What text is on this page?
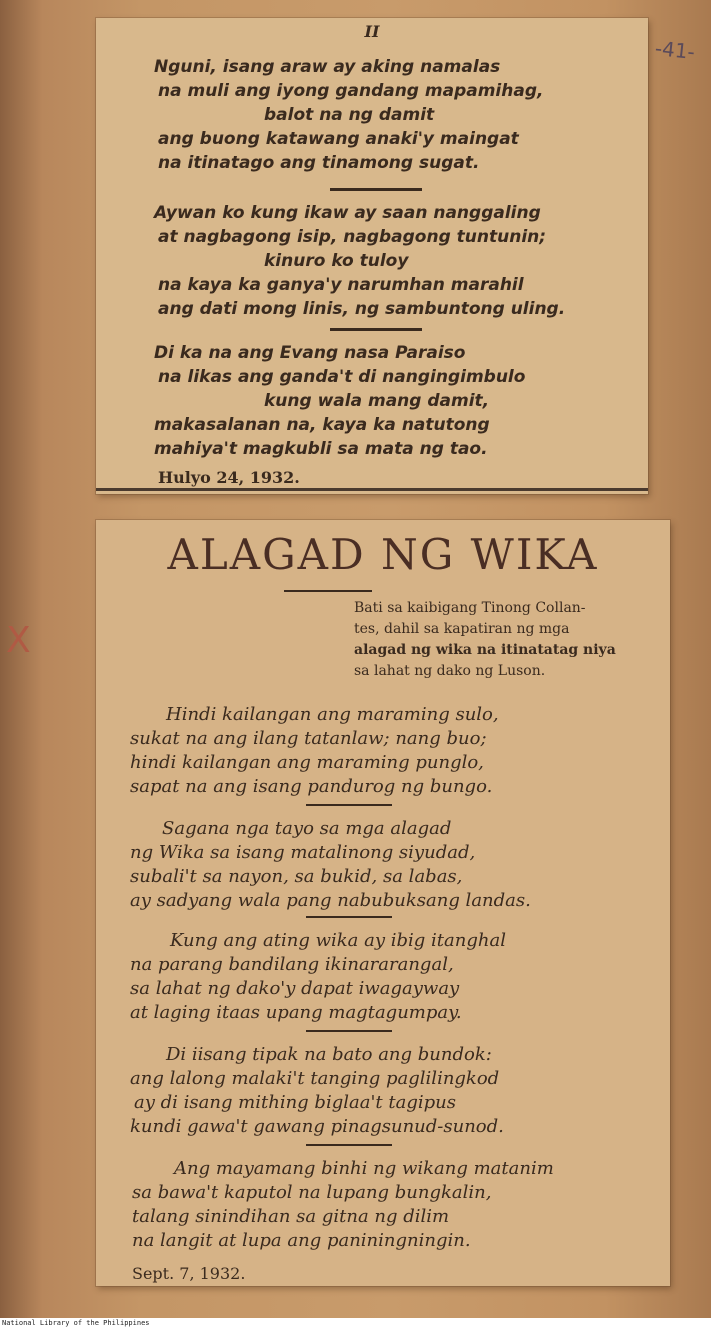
-41-
X
II
Nguni, isang araw ay aking namalas
na muli ang iyong gandang mapamihag,
balot na ng damit
ang buong katawang anaki'y maingat
na itinatago ang tinamong sugat.
Aywan ko kung ikaw ay saan nanggaling
at nagbagong isip, nagbagong tuntunin;
kinuro ko tuloy
na kaya ka ganya'y narumhan marahil
ang dati mong linis, ng sambuntong uling.
Di ka na ang Evang nasa Paraiso
na likas ang ganda't di nangingimbulo
kung wala mang damit,
makasalanan na, kaya ka natutong
mahiya't magkubli sa mata ng tao.
Hulyo 24, 1932.
ALAGAD NG WIKA
Bati sa kaibigang Tinong Collan-
tes, dahil sa kapatiran ng mga
alagad ng wika na itinatatag niya
sa lahat ng dako ng Luson.
Hindi kailangan ang maraming sulo,
sukat na ang ilang tatanlaw; nang buo;
hindi kailangan ang maraming punglo,
sapat na ang isang pandurog ng bungo.
Sagana nga tayo sa mga alagad
ng Wika sa isang matalinong siyudad,
subali't sa nayon, sa bukid, sa labas,
ay sadyang wala pang nabubuksang landas.
Kung ang ating wika ay ibig itanghal
na parang bandilang ikinararangal,
sa lahat ng dako'y dapat iwagayway
at laging itaas upang magtagumpay.
Di iisang tipak na bato ang bundok:
ang lalong malaki't tanging paglilingkod
ay di isang mithing biglaa't tagipus
kundi gawa't gawang pinagsunud-sunod.
Ang mayamang binhi ng wikang matanim
sa bawa't kaputol na lupang bungkalin,
talang sinindihan sa gitna ng dilim
na langit at lupa ang paniningningin.
Sept. 7, 1932.
National Library of the Philippines
